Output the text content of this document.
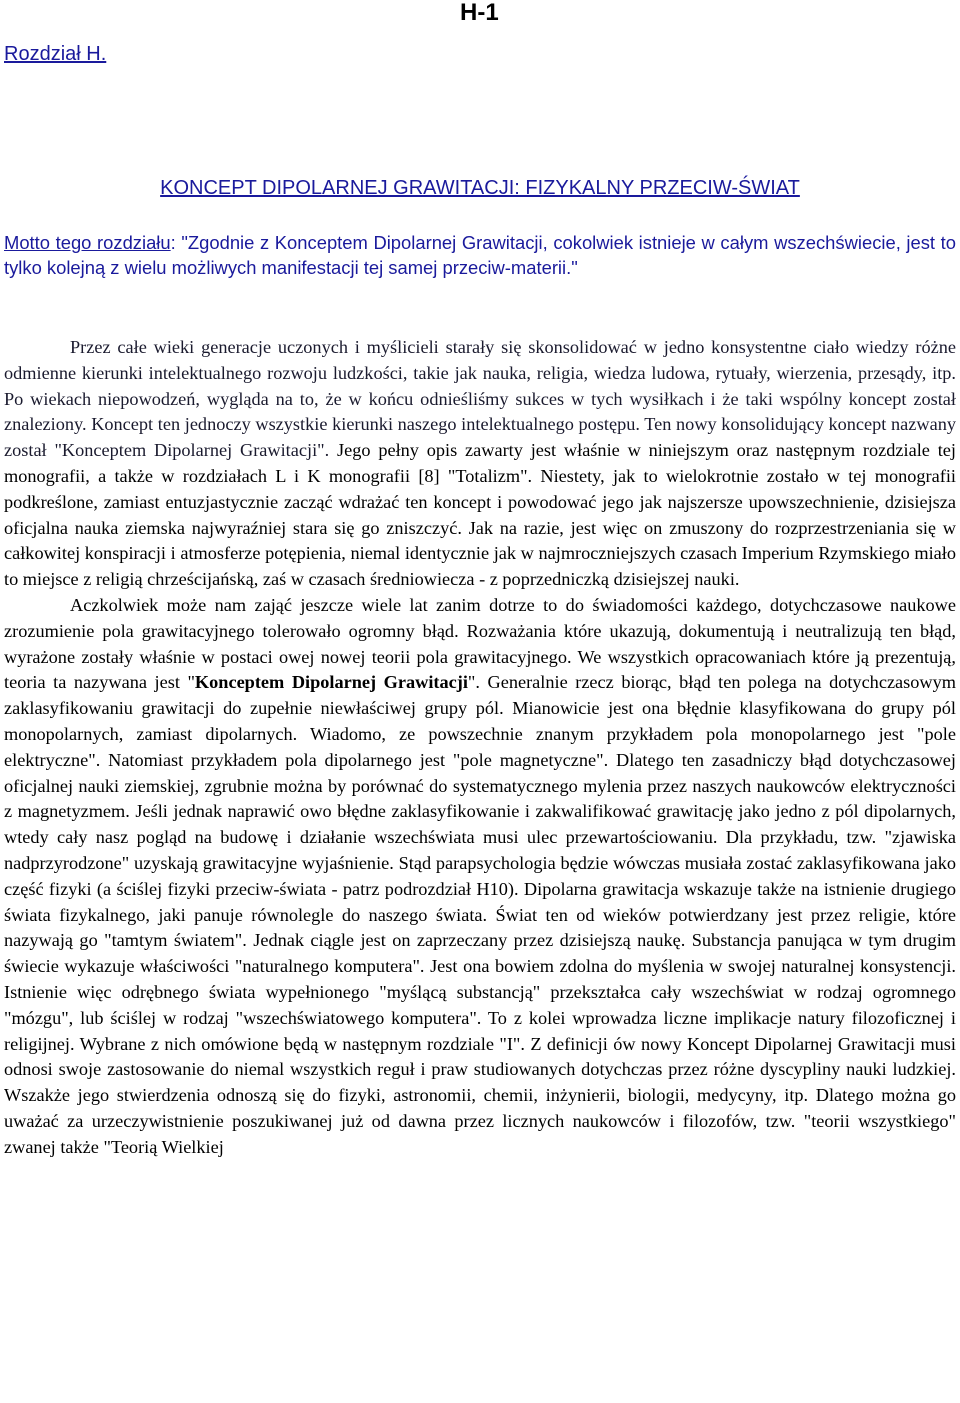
H-1
Rozdział H.
KONCEPT DIPOLARNEJ GRAWITACJI: FIZYKALNY PRZECIW-ŚWIAT
Motto tego rozdziału: "Zgodnie z Konceptem Dipolarnej Grawitacji, cokolwiek istnieje w całym wszechświecie, jest to tylko kolejną z wielu możliwych manifestacji tej samej przeciw-materii."

Przez całe wieki generacje uczonych i myślicieli starały się skonsolidować w jedno konsystentne ciało wiedzy różne odmienne kierunki intelektualnego rozwoju ludzkości, takie jak nauka, religia, wiedza ludowa, rytuały, wierzenia, przesądy, itp. Po wiekach niepowodzeń, wygląda na to, że w końcu odnieśliśmy sukces w tych wysiłkach i że taki wspólny koncept został znaleziony. Koncept ten jednoczy wszystkie kierunki naszego intelektualnego postępu. Ten nowy konsolidujący koncept nazwany został "Konceptem Dipolarnej Grawitacji". Jego pełny opis zawarty jest właśnie w niniejszym oraz następnym rozdziale tej monografii, a także w rozdziałach L i K monografii [8] "Totalizm". Niestety, jak to wielokrotnie zostało w tej monografii podkreślone, zamiast entuzjastycznie zacząć wdrażać ten koncept i powodować jego jak najszersze upowszechnienie, dzisiejsza oficjalna nauka ziemska najwyraźniej stara się go zniszczyć. Jak na razie, jest więc on zmuszony do rozprzestrzeniania się w całkowitej konspiracji i atmosferze potępienia, niemal identycznie jak w najmroczniejszych czasach Imperium Rzymskiego miało to miejsce z religią chrześcijańską, zaś w czasach średniowiecza - z poprzedniczką dzisiejszej nauki.

Aczkolwiek może nam zająć jeszcze wiele lat zanim dotrze to do świadomości każdego, dotychczasowe naukowe zrozumienie pola grawitacyjnego tolerowało ogromny błąd. Rozważania które ukazują, dokumentują i neutralizują ten błąd, wyrażone zostały właśnie w postaci owej nowej teorii pola grawitacyjnego. We wszystkich opracowaniach które ją prezentują, teoria ta nazywana jest "Konceptem Dipolarnej Grawitacji". Generalnie rzecz biorąc, błąd ten polega na dotychczasowym zaklasyfikowaniu grawitacji do zupełnie niewłaściwej grupy pól. Mianowicie jest ona błędnie klasyfikowana do grupy pól monopolarnych, zamiast dipolarnych. Wiadomo, ze powszechnie znanym przykładem pola monopolarnego jest "pole elektryczne". Natomiast przykładem pola dipolarnego jest "pole magnetyczne". Dlatego ten zasadniczy błąd dotychczasowej oficjalnej nauki ziemskiej, zgrubnie można by porównać do systematycznego mylenia przez naszych naukowców elektryczności z magnetyzmem. Jeśli jednak naprawić owo błędne zaklasyfikowanie i zakwalifikować grawitację jako jedno z pól dipolarnych, wtedy cały nasz pogląd na budowę i działanie wszechświata musi ulec przewartościowaniu. Dla przykładu, tzw. "zjawiska nadprzyrodzone" uzyskają grawitacyjne wyjaśnienie. Stąd parapsychologia będzie wówczas musiała zostać zaklasyfikowana jako część fizyki (a ściślej fizyki przeciw-świata - patrz podrozdział H10). Dipolarna grawitacja wskazuje także na istnienie drugiego świata fizykalnego, jaki panuje równolegle do naszego świata. Świat ten od wieków potwierdzany jest przez religie, które nazywają go "tamtym światem". Jednak ciągle jest on zaprzeczany przez dzisiejszą naukę. Substancja panująca w tym drugim świecie wykazuje właściwości "naturalnego komputera". Jest ona bowiem zdolna do myślenia w swojej naturalnej konsystencji. Istnienie więc odrębnego świata wypełnionego "myślącą substancją" przekształca cały wszechświat w rodzaj ogromnego "mózgu", lub ściślej w rodzaj "wszechświatowego komputera". To z kolei wprowadza liczne implikacje natury filozoficznej i religijnej. Wybrane z nich omówione będą w następnym rozdziale "I". Z definicji ów nowy Koncept Dipolarnej Grawitacji musi odnosi swoje zastosowanie do niemal wszystkich reguł i praw studiowanych dotychczas przez różne dyscypliny nauki ludzkiej. Wszakże jego stwierdzenia odnoszą się do fizyki, astronomii, chemii, inżynierii, biologii, medycyny, itp. Dlatego można go uważać za urzeczywistnienie poszukiwanej już od dawna przez licznych naukowców i filozofów, tzw. "teorii wszystkiego" zwanej także "Teorią Wielkiej
